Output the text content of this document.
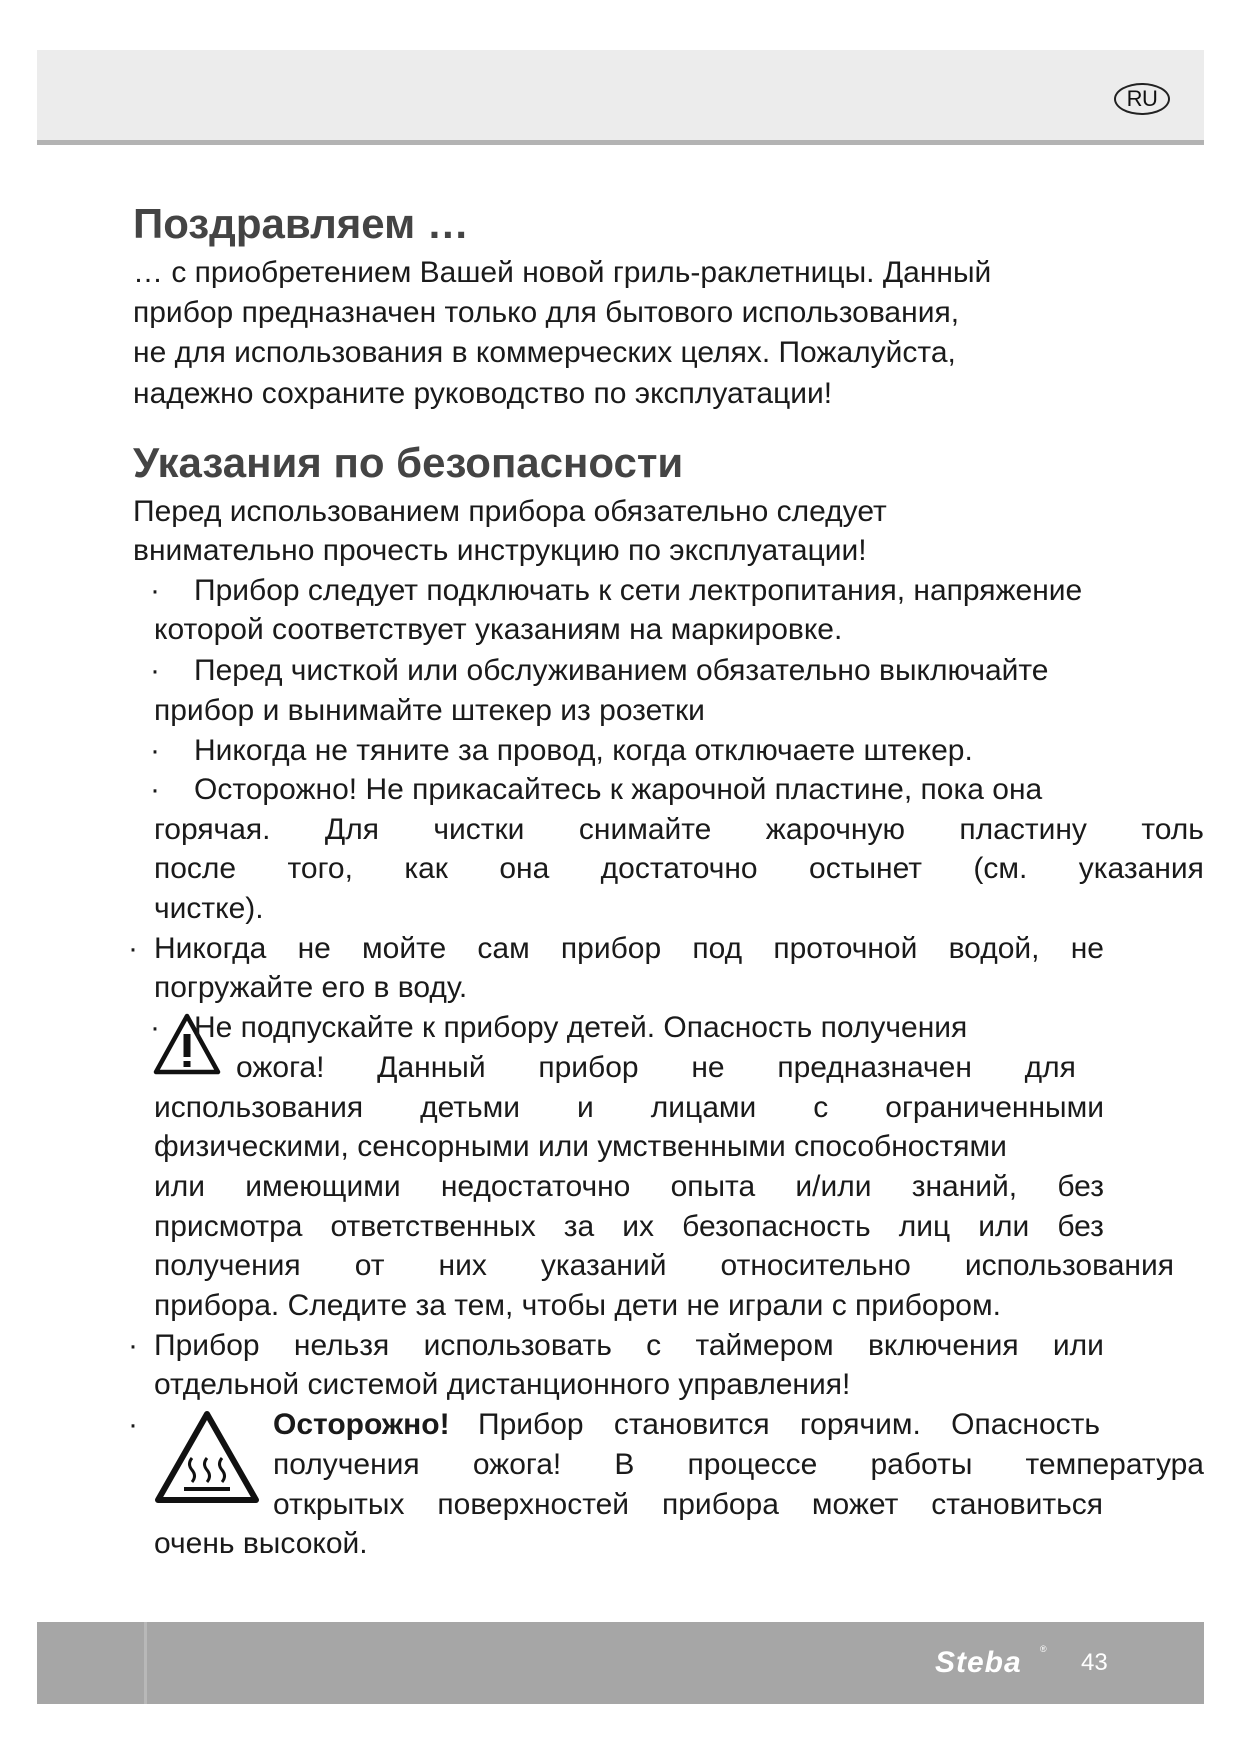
RU
Поздравляем …
… с приобретением Вашей новой гриль-раклетницы. Данный
прибор предназначен только для бытового использования,
не для использования в коммерческих целях. Пожалуйста,
надежно сохраните руководство по эксплуатации!
Указания по безопасности
Перед использованием прибора обязательно следует
внимательно прочесть инструкцию по эксплуатации!
· Прибор следует подключать к сети лектропитания, напряжение
которой соответствует указаниям на маркировке.
· Перед чисткой или обслуживанием обязательно выключайте
прибор и вынимайте штекер из розетки
· Никогда не тяните за провод, когда отключаете штекер.
· Осторожно! Не прикасайтесь к жарочной пластине, пока она
горячая. Для чистки снимайте жарочную пластину толь
после того, как она достаточно остынет (см. указания
чистке).
· Никогда не мойте сам прибор под проточной водой, не
погружайте его в воду.
· Не подпускайте к прибору детей. Опасность получения
ожога! Данный прибор не предназначен для
использования детьми и лицами с ограниченными
физическими, сенсорными или умственными способностями
или имеющими недостаточно опыта и/или знаний, без
присмотра ответственных за их безопасность лиц или без
получения от них указаний относительно использования
прибора. Следите за тем, чтобы дети не играли с прибором.
· Прибор нельзя использовать с таймером включения или
отдельной системой дистанционного управления!
·	Осторожно! Прибор становится горячим. Опасность
получения ожога! В процессе работы температура
открытых поверхностей прибора может становиться
очень высокой.
Steba ® 43
